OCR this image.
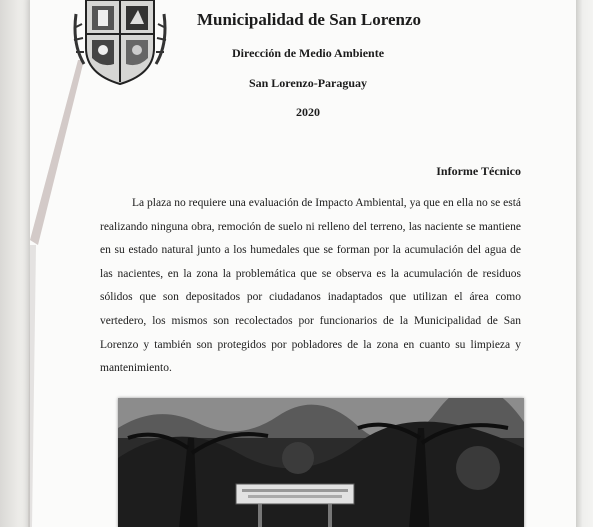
Municipalidad de San Lorenzo
Dirección de Medio Ambiente
San Lorenzo-Paraguay
2020
Informe Técnico

La plaza no requiere una evaluación de Impacto Ambiental, ya que en ella no se está realizando ninguna obra, remoción de suelo ni relleno del terreno, las naciente se mantiene en su estado natural junto a los humedales que se forman por la acumulación del agua de las nacientes, en la zona la problemática que se observa es la acumulación de residuos sólidos que son depositados por ciudadanos inadaptados que utilizan el área como vertedero, los mismos son recolectados por funcionarios de la Municipalidad de San Lorenzo y también son protegidos por pobladores de la zona en cuanto su limpieza y mantenimiento.
